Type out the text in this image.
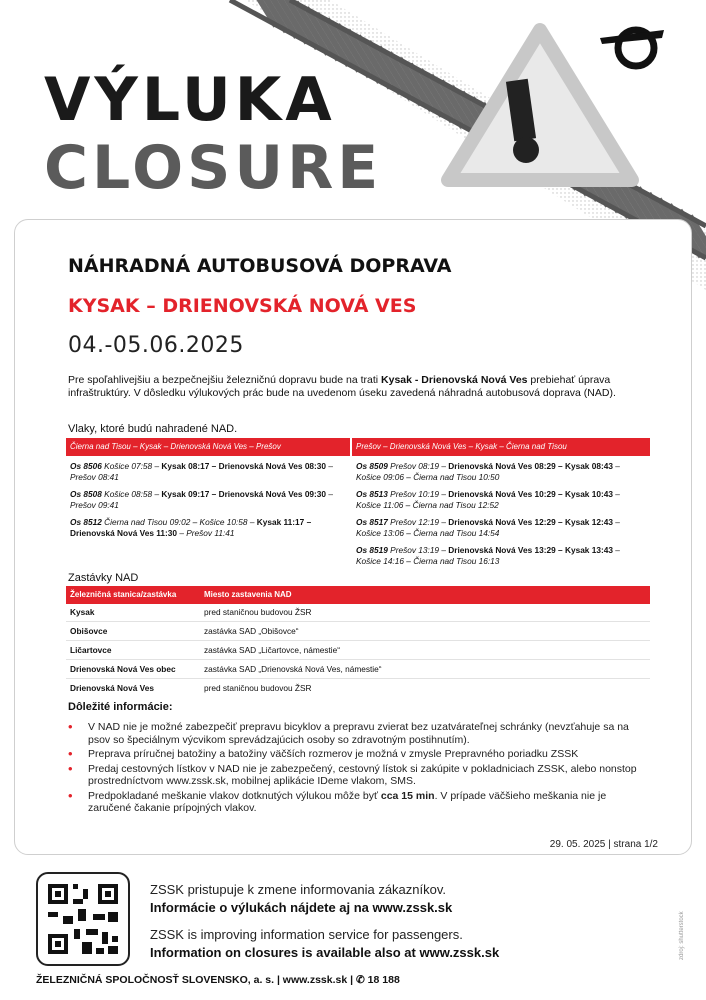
VÝLUKA
CLOSURE
NÁHRADNÁ AUTOBUSOVÁ DOPRAVA
KYSAK – DRIENOVSKÁ NOVÁ VES
04.-05.06.2025
Pre spoľahlivejšiu a bezpečnejšiu železničnú dopravu bude na trati Kysak - Drienovská Nová Ves prebiehať úprava infraštruktúry. V dôsledku výlukových prác bude na uvedenom úseku zavedená náhradná autobusová doprava (NAD).
Vlaky, ktoré budú nahradené NAD.
Čierna nad Tisou – Kysak – Drienovská Nová Ves – Prešov	Prešov – Drienovská Nová Ves – Kysak – Čierna nad Tisou
Os 8506 Košice 07:58 – Kysak 08:17 – Drienovská Nová Ves 08:30 – Prešov 08:41
Os 8508 Košice 08:58 – Kysak 09:17 – Drienovská Nová Ves 09:30 – Prešov 09:41
Os 8512 Čierna nad Tisou 09:02 – Košice 10:58 – Kysak 11:17 – Drienovská Nová Ves 11:30 – Prešov 11:41
Os 8509 Prešov 08:19 – Drienovská Nová Ves 08:29 – Kysak 08:43 – Košice 09:06 – Čierna nad Tisou 10:50
Os 8513 Prešov 10:19 – Drienovská Nová Ves 10:29 – Kysak 10:43 – Košice 11:06 – Čierna nad Tisou 12:52
Os 8517 Prešov 12:19 – Drienovská Nová Ves 12:29 – Kysak 12:43 – Košice 13:06 – Čierna nad Tisou 14:54
Os 8519 Prešov 13:19 – Drienovská Nová Ves 13:29 – Kysak 13:43 – Košice 14:16 – Čierna nad Tisou 16:13
Zastávky NAD
Železničná stanica/zastávka	Miesto zastavenia NAD
Kysak	pred staničnou budovou ŽSR
Obišovce	zastávka SAD „Obišovce“
Ličartovce	zastávka SAD „Ličartovce, námestie“
Drienovská Nová Ves obec	zastávka SAD „Drienovská Nová Ves, námestie“
Drienovská Nová Ves	pred staničnou budovou ŽSR
Dôležité informácie:
• V NAD nie je možné zabezpečiť prepravu bicyklov a prepravu zvierat bez uzatvárateľnej schránky (nevzťahuje sa na psov so špeciálnym výcvikom sprevádzajúcich osoby so zdravotným postihnutím).
• Preprava príručnej batožiny a batožiny väčších rozmerov je možná v zmysle Prepravného poriadku ZSSK
• Predaj cestovných lístkov v NAD nie je zabezpečený, cestovný lístok si zakúpite v pokladniciach ZSSK, alebo nonstop prostredníctvom www.zssk.sk, mobilnej aplikácie IDeme vlakom, SMS.
• Predpokladané meškanie vlakov dotknutých výlukou môže byť cca 15 min. V prípade väčšieho meškania nie je zaručené čakanie prípojných vlakov.
29. 05. 2025 | strana 1/2
ZSSK pristupuje k zmene informovania zákazníkov.
Informácie o výlukách nájdete aj na www.zssk.sk
ZSSK is improving information service for passengers.
Information on closures is available also at www.zssk.sk
ŽELEZNIČNÁ SPOLOČNOSŤ SLOVENSKO, a. s. | www.zssk.sk | ✆ 18 188
zdroj: shutterstock
